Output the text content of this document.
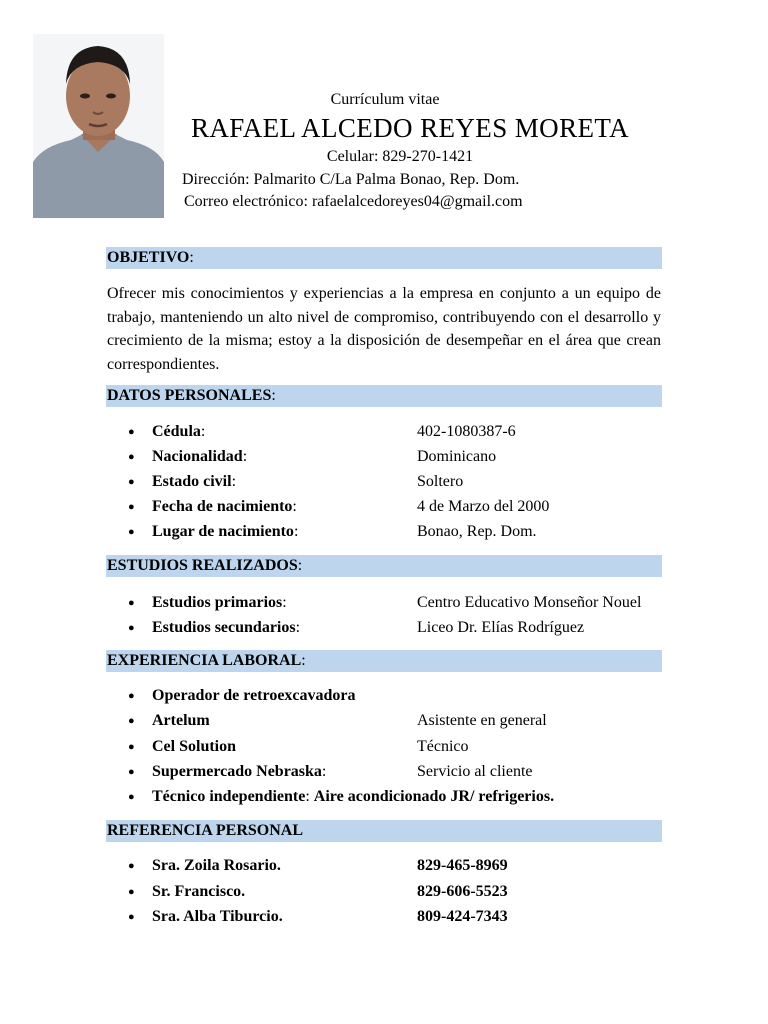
Currículum vitae
RAFAEL ALCEDO REYES MORETA
Celular: 829-270-1421
Dirección: Palmarito C/La Palma Bonao, Rep. Dom.
Correo electrónico: rafaelalcedoreyes04@gmail.com
OBJETIVO:
Ofrecer mis conocimientos y experiencias a la empresa en conjunto a un equipo de trabajo, manteniendo un alto nivel de compromiso, contribuyendo con el desarrollo y crecimiento de la misma; estoy a la disposición de desempeñar en el área que crean correspondientes.
DATOS PERSONALES:
● Cédula:	402-1080387-6
● Nacionalidad:	Dominicano
● Estado civil:	Soltero
● Fecha de nacimiento:	4 de Marzo del 2000
● Lugar de nacimiento:	Bonao, Rep. Dom.
ESTUDIOS REALIZADOS:
● Estudios primarios:	Centro Educativo Monseñor Nouel
● Estudios secundarios:	Liceo Dr. Elías Rodríguez
EXPERIENCIA LABORAL:
● Operador de retroexcavadora
● Artelum	Asistente en general
● Cel Solution	Técnico
● Supermercado Nebraska:	Servicio al cliente
● Técnico independiente: Aire acondicionado JR/ refrigerios.
REFERENCIA PERSONAL
● Sra. Zoila Rosario.	829-465-8969
● Sr. Francisco.	829-606-5523
● Sra. Alba Tiburcio.	809-424-7343
